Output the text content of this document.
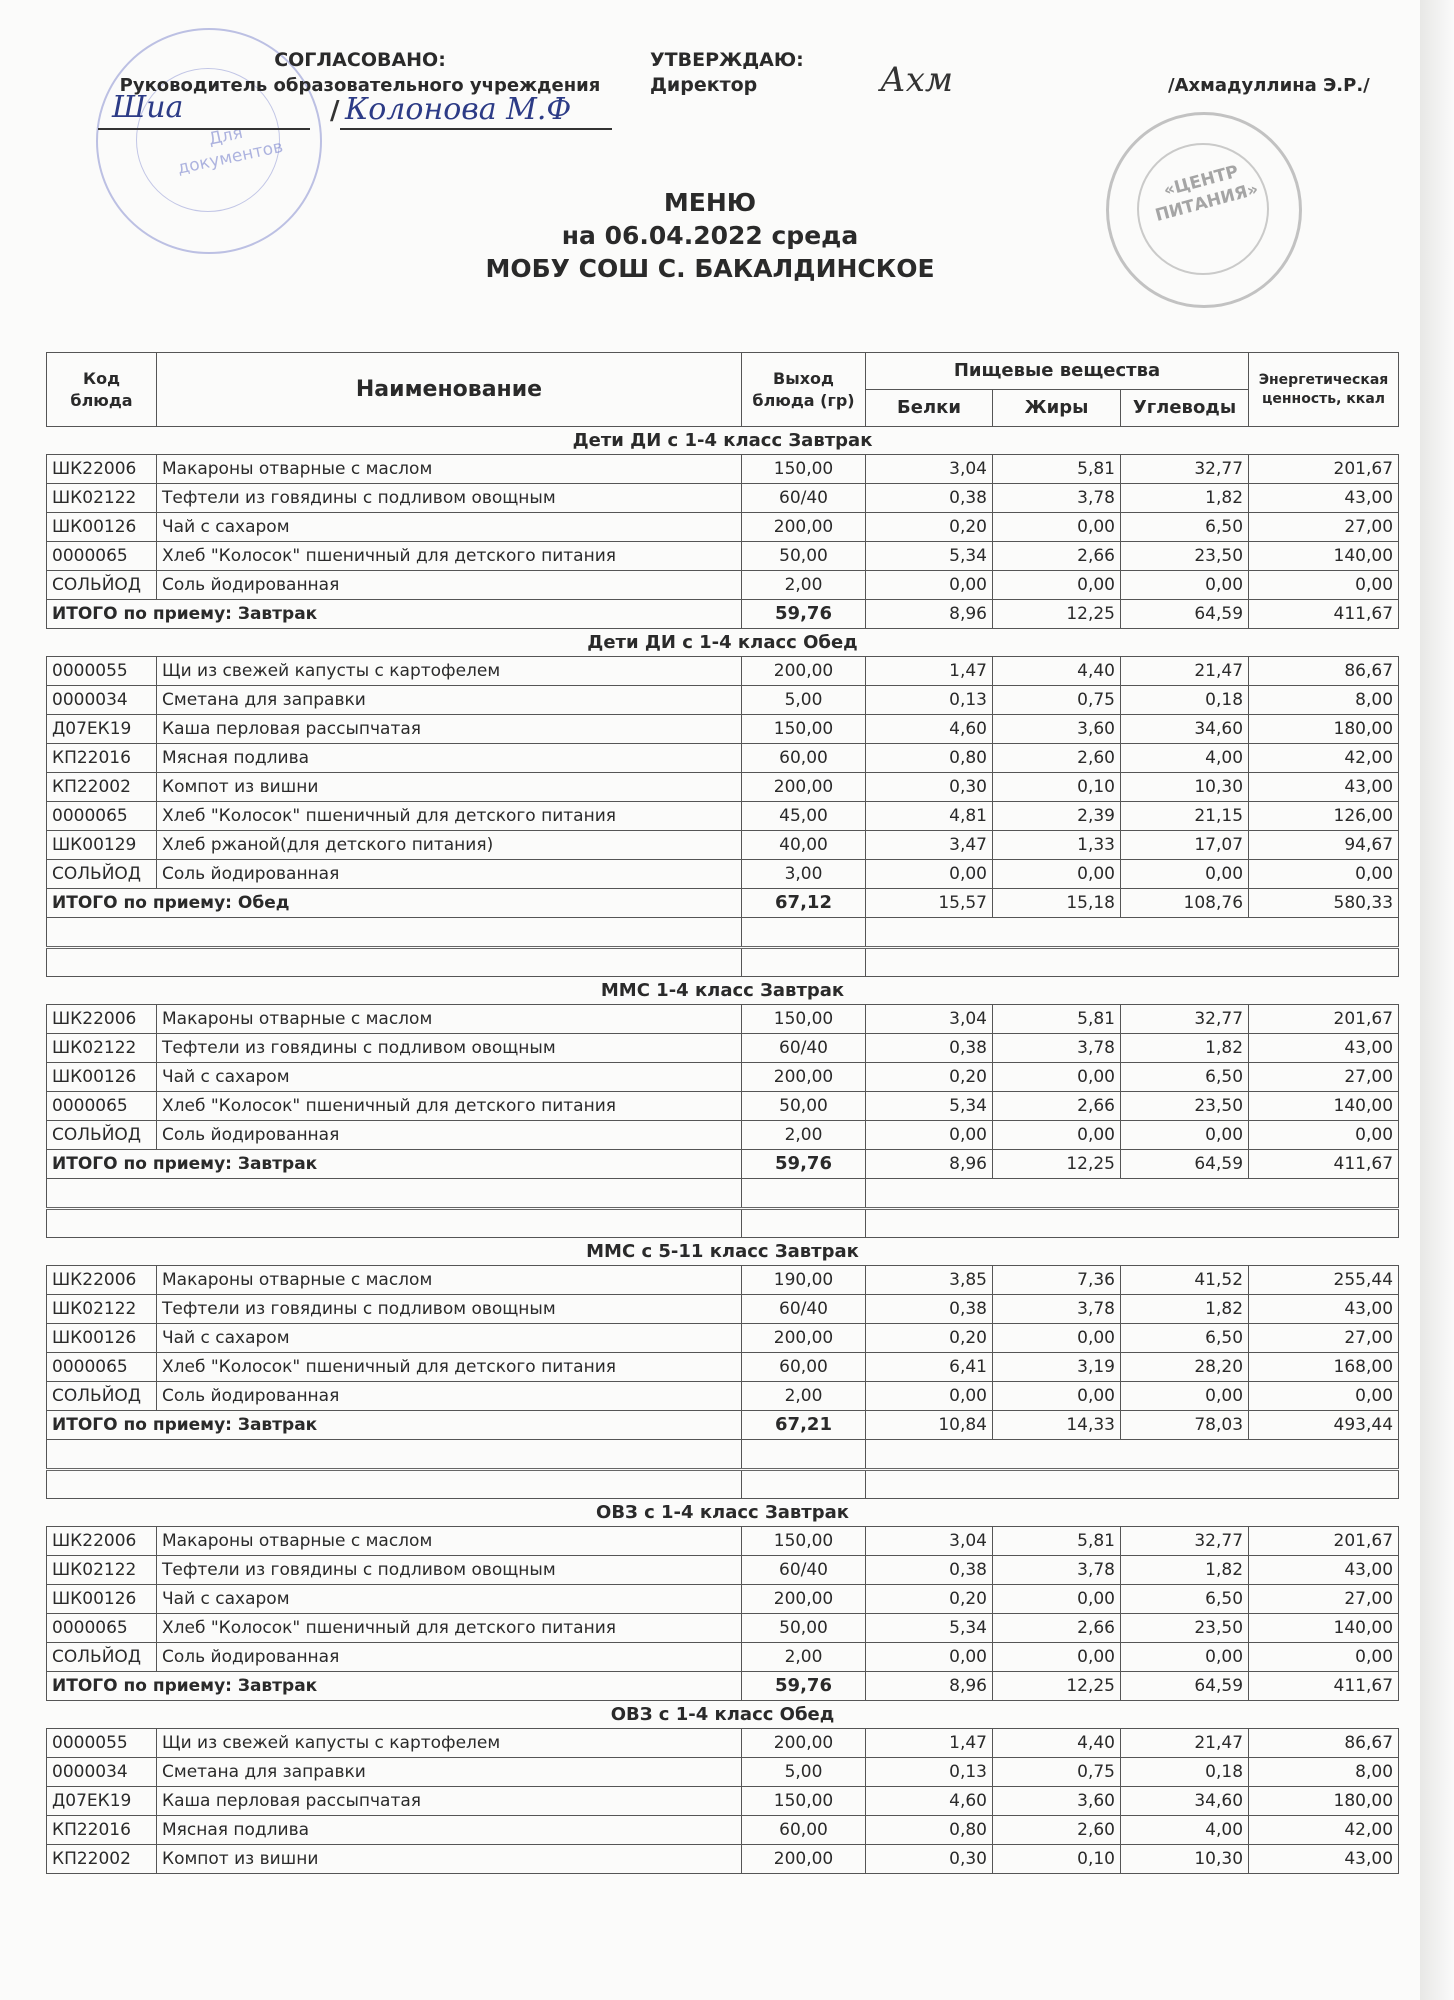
Для документов
«ЦЕНТР ПИТАНИЯ»
СОГЛАСОВАНО:
Руководитель образовательного учреждения
Шиа	/ Колонова М.Ф
УТВЕРЖДАЮ:
Директор	Ахм	/Ахмадуллина Э.Р./
МЕНЮ
на 06.04.2022 среда
МОБУ СОШ С. БАКАЛДИНСКОЕ
Код блюда	Наименование	Выход блюда (гр)	Пищевые вещества			Энергетическая ценность, ккал
			Белки	Жиры	Углеводы	
Дети ДИ с 1-4 класс Завтрак						
ШК22006	Макароны отварные с маслом	150,00	3,04	5,81	32,77	201,67
ШК02122	Тефтели из говядины с подливом овощным	60/40	0,38	3,78	1,82	43,00
ШК00126	Чай с сахаром	200,00	0,20	0,00	6,50	27,00
0000065	Хлеб "Колосок" пшеничный для детского питания	50,00	5,34	2,66	23,50	140,00
СОЛЬЙОД	Соль йодированная	2,00	0,00	0,00	0,00	0,00
ИТОГО по приему: Завтрак		59,76	8,96	12,25	64,59	411,67
Дети ДИ с 1-4 класс Обед						
0000055	Щи из свежей капусты с картофелем	200,00	1,47	4,40	21,47	86,67
0000034	Сметана для заправки	5,00	0,13	0,75	0,18	8,00
Д07ЕК19	Каша перловая рассыпчатая	150,00	4,60	3,60	34,60	180,00
КП22016	Мясная подлива	60,00	0,80	2,60	4,00	42,00
КП22002	Компот из вишни	200,00	0,30	0,10	10,30	43,00
0000065	Хлеб "Колосок" пшеничный для детского питания	45,00	4,81	2,39	21,15	126,00
ШК00129	Хлеб ржаной(для детского питания)	40,00	3,47	1,33	17,07	94,67
СОЛЬЙОД	Соль йодированная	3,00	0,00	0,00	0,00	0,00
ИТОГО по приему: Обед		67,12	15,57	15,18	108,76	580,33

ММС 1-4 класс Завтрак						
ШК22006	Макароны отварные с маслом	150,00	3,04	5,81	32,77	201,67
ШК02122	Тефтели из говядины с подливом овощным	60/40	0,38	3,78	1,82	43,00
ШК00126	Чай с сахаром	200,00	0,20	0,00	6,50	27,00
0000065	Хлеб "Колосок" пшеничный для детского питания	50,00	5,34	2,66	23,50	140,00
СОЛЬЙОД	Соль йодированная	2,00	0,00	0,00	0,00	0,00
ИТОГО по приему: Завтрак		59,76	8,96	12,25	64,59	411,67

ММС с 5-11 класс Завтрак						
ШК22006	Макароны отварные с маслом	190,00	3,85	7,36	41,52	255,44
ШК02122	Тефтели из говядины с подливом овощным	60/40	0,38	3,78	1,82	43,00
ШК00126	Чай с сахаром	200,00	0,20	0,00	6,50	27,00
0000065	Хлеб "Колосок" пшеничный для детского питания	60,00	6,41	3,19	28,20	168,00
СОЛЬЙОД	Соль йодированная	2,00	0,00	0,00	0,00	0,00
ИТОГО по приему: Завтрак		67,21	10,84	14,33	78,03	493,44

ОВЗ с 1-4 класс Завтрак						
ШК22006	Макароны отварные с маслом	150,00	3,04	5,81	32,77	201,67
ШК02122	Тефтели из говядины с подливом овощным	60/40	0,38	3,78	1,82	43,00
ШК00126	Чай с сахаром	200,00	0,20	0,00	6,50	27,00
0000065	Хлеб "Колосок" пшеничный для детского питания	50,00	5,34	2,66	23,50	140,00
СОЛЬЙОД	Соль йодированная	2,00	0,00	0,00	0,00	0,00
ИТОГО по приему: Завтрак		59,76	8,96	12,25	64,59	411,67
ОВЗ с 1-4 класс Обед						
0000055	Щи из свежей капусты с картофелем	200,00	1,47	4,40	21,47	86,67
0000034	Сметана для заправки	5,00	0,13	0,75	0,18	8,00
Д07ЕК19	Каша перловая рассыпчатая	150,00	4,60	3,60	34,60	180,00
КП22016	Мясная подлива	60,00	0,80	2,60	4,00	42,00
КП22002	Компот из вишни	200,00	0,30	0,10	10,30	43,00
